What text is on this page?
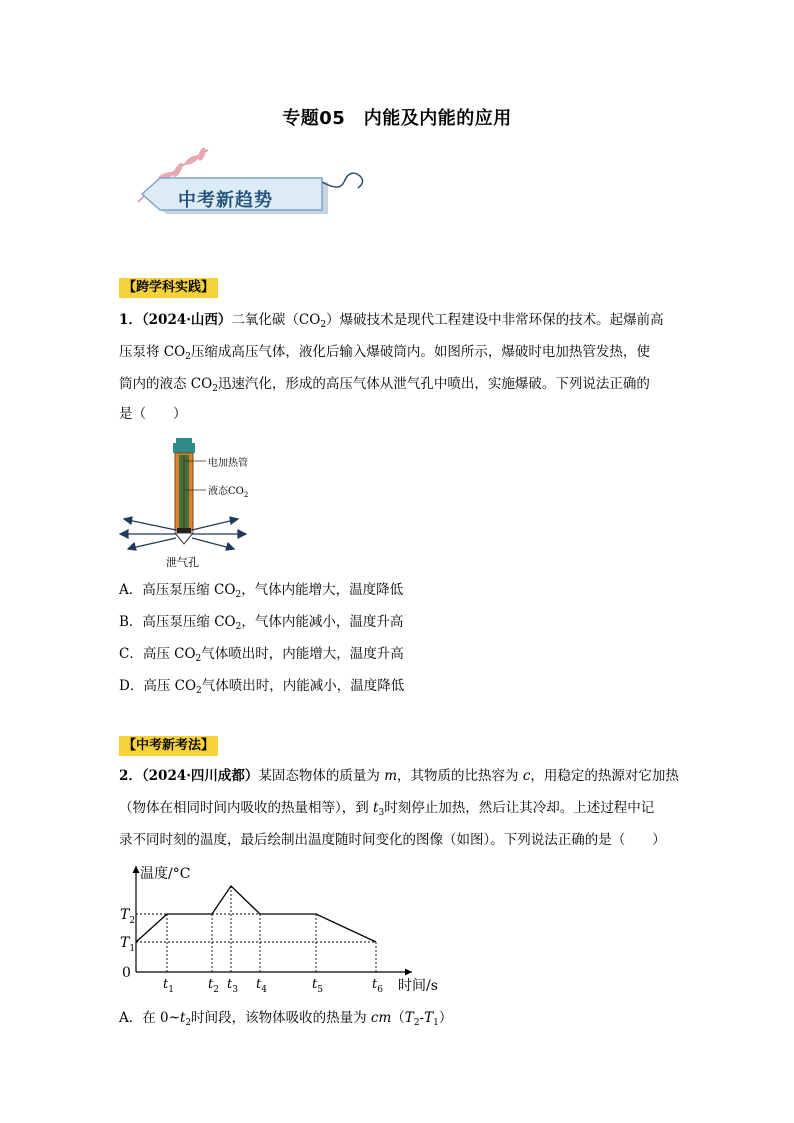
专题05　内能及内能的应用
中考新趋势
【跨学科实践】
1．（2024·山西）二氧化碳$(CO_2)$爆破技术是现代工程建设中非常环保的技术。起爆前高
压泵将 $CO_2$压缩成高压气体，液化后输入爆破筒内。如图所示，爆破时电加热管发热，使
筒内的液态 $CO_2$迅速汽化，形成的高压气体从泄气孔中喷出，实施爆破。下列说法正确的
是（　　）
电加热管
液态$CO_2$
泄气孔
A．高压泵压缩 $CO_2$，气体内能增大，温度降低
B．高压泵压缩 $CO_2$，气体内能减小，温度升高
C．高压 $CO_2$气体喷出时，内能增大，温度升高
D．高压 $CO_2$气体喷出时，内能减小，温度降低
【中考新考法】
2．（2024·四川成都）某固态物体的质量为 m，其物质的比热容为 c，用稳定的热源对它加热
（物体在相同时间内吸收的热量相等），到 $t_3$时刻停止加热，然后让其冷却。上述过程中记
录不同时刻的温度，最后绘制出温度随时间变化的图像（如图）。下列说法正确的是（　　）
温度/°C
时间/s
$t_1$	$t_2$ $t_3$ $t_4$	$t_5$	$t_6$
$T_2$
$T_1$
0
A．在 $0\sim t_2$时间段，该物体吸收的热量为 $cm(T_2-T_1)$
